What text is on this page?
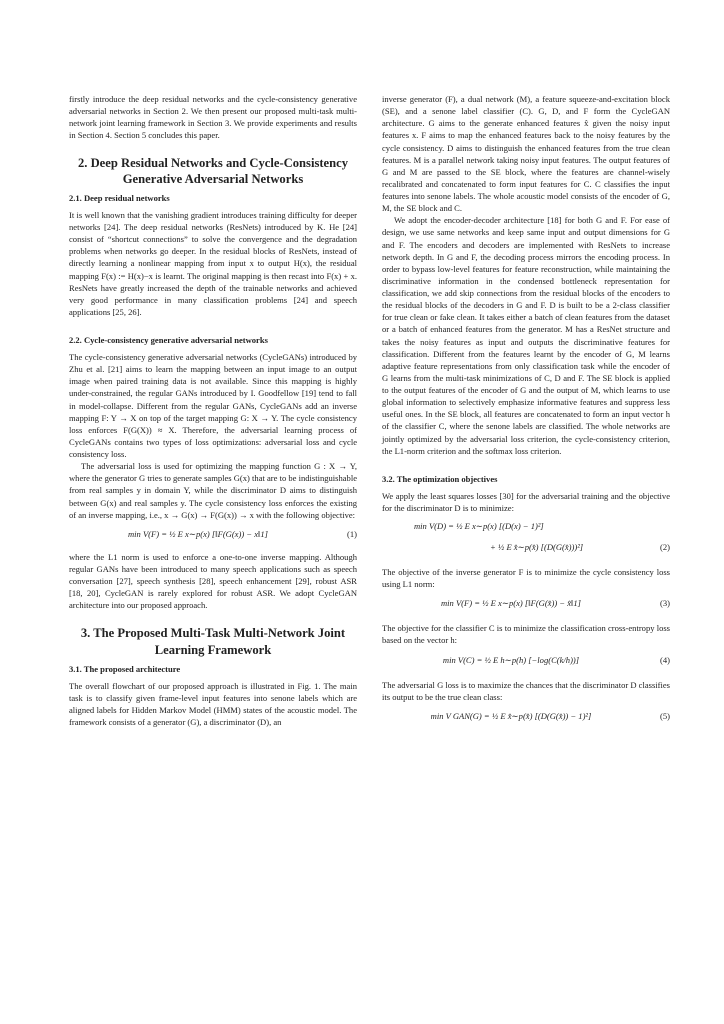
firstly introduce the deep residual networks and the cycle-consistency generative adversarial networks in Section 2. We then present our proposed multi-task multi-network joint learning framework in Section 3. We provide experiments and results in Section 4. Section 5 concludes this paper.

2. Deep Residual Networks and Cycle-Consistency Generative Adversarial Networks
2.1. Deep residual networks

It is well known that the vanishing gradient introduces training difficulty for deeper networks [24]. The deep residual networks (ResNets) introduced by K. He [24] consist of “shortcut connections” to solve the convergence and the degradation problems when networks go deeper. In the residual blocks of ResNets, instead of directly learning a nonlinear mapping from input x to output H(x), the residual mapping F(x) := H(x)−x is learnt. The original mapping is then recast into F(x) + x. ResNets have greatly increased the depth of the trainable networks and achieved very good performance in many classification problems [24] and speech applications [25, 26].

2.2. Cycle-consistency generative adversarial networks

The cycle-consistency generative adversarial networks (CycleGANs) introduced by Zhu et al. [21] aims to learn the mapping between an input image to an output image when paired training data is not available. Since this mapping is highly under-constrained, the regular GANs introduced by I. Goodfellow [19] tend to fall in model-collapse. Different from the regular GANs, CycleGANs add an inverse mapping F: Y → X on top of the target mapping G: X → Y. The cycle consistency loss enforces F(G(X)) ≈ X. Therefore, the adversarial learning process of CycleGANs contains two types of loss optimizations: adversarial loss and cycle consistency loss.

The adversarial loss is used for optimizing the mapping function G : X → Y, where the generator G tries to generate samples G(x) that are to be indistinguishable from real samples y in domain Y, while the discriminator D aims to distinguish between G(x) and real samples y. The cycle consistency loss enforces the existing of an inverse mapping, i.e., x → G(x) → F(G(x)) → x with the following objective:

min V(F) = ½ E x∼p(x) [‖F(G(x)) − x‖1]	(1)

where the L1 norm is used to enforce a one-to-one inverse mapping. Although regular GANs have been introduced to many speech applications such as speech conversation [27], speech synthesis [28], speech enhancement [29], robust ASR [18, 20], CycleGAN is rarely explored for robust ASR. We adopt CycleGAN architecture into our proposed approach.

3. The Proposed Multi-Task Multi-Network Joint Learning Framework
3.1. The proposed architecture

The overall flowchart of our proposed approach is illustrated in Fig. 1. The main task is to classify given frame-level input features into senone labels which are aligned labels for Hidden Markov Model (HMM) states of the acoustic model. The framework consists of a generator (G), a discriminator (D), an

inverse generator (F), a dual network (M), a feature squeeze-and-excitation block (SE), and a senone label classifier (C). G, D, and F form the CycleGAN architecture. G aims to the generate enhanced features x̂ given the noisy input features x. F aims to map the enhanced features back to the noisy features by the cycle consistency. D aims to distinguish the enhanced features from the true clean features. M is a parallel network taking noisy input features. The output features of G and M are passed to the SE block, where the features are channel-wisely recalibrated and concatenated to form input features for C. C classifies the input features into senone labels. The whole acoustic model consists of the encoder of G, M, the SE block and C.

We adopt the encoder-decoder architecture [18] for both G and F. For ease of design, we use same networks and keep same input and output dimensions for G and F. The encoders and decoders are implemented with ResNets to increase network depth. In G and F, the decoding process mirrors the encoding process. In order to bypass low-level features for feature reconstruction, while maintaining the discriminative information in the condensed bottleneck representation for classification, we add skip connections from the residual blocks of the encoders to the residual blocks of the decoders in G and F. D is built to be a 2-class classifier for true clean or fake clean. It takes either a batch of clean features from the dataset or a batch of enhanced features from the generator. M has a ResNet structure and takes the noisy features as input and outputs the discriminative features for classification. Different from the features learnt by the encoder of G, M learns adaptive feature representations from only classification task while the encoder of G learns from the multi-task minimizations of C, D and F. The SE block is applied to the output features of the encoder of G and the output of M, which learns to use global information to selectively emphasize informative features and suppress less useful ones. In the SE block, all features are concatenated to form an input vector h of the classifier C, where the senone labels are classified. The whole networks are jointly optimized by the adversarial loss criterion, the cycle-consistency criterion, the L1-norm criterion and the softmax loss criterion.

3.2. The optimization objectives

We apply the least squares losses [30] for the adversarial training and the objective for the discriminator D is to minimize:

min V(D) = ½ E x∼p(x) [(D(x) − 1)²]
+ ½ E x̂∼p(x̂) [(D(G(x̂)))²]	(2)

The objective of the inverse generator F is to minimize the cycle consistency loss using L1 norm:

min V(F) = ½ E x∼p(x) [‖F(G(x̂)) − x̂‖1]	(3)

The objective for the classifier C is to minimize the classification cross-entropy loss based on the vector h:

min V(C) = ½ E h∼p(h) [−log(C(k/h))]	(4)

The adversarial G loss is to maximize the chances that the discriminator D classifies its output to be the true clean class:

min V GAN(G) = ½ E x̂∼p(x̂) [(D(G(x̂)) − 1)²]	(5)
